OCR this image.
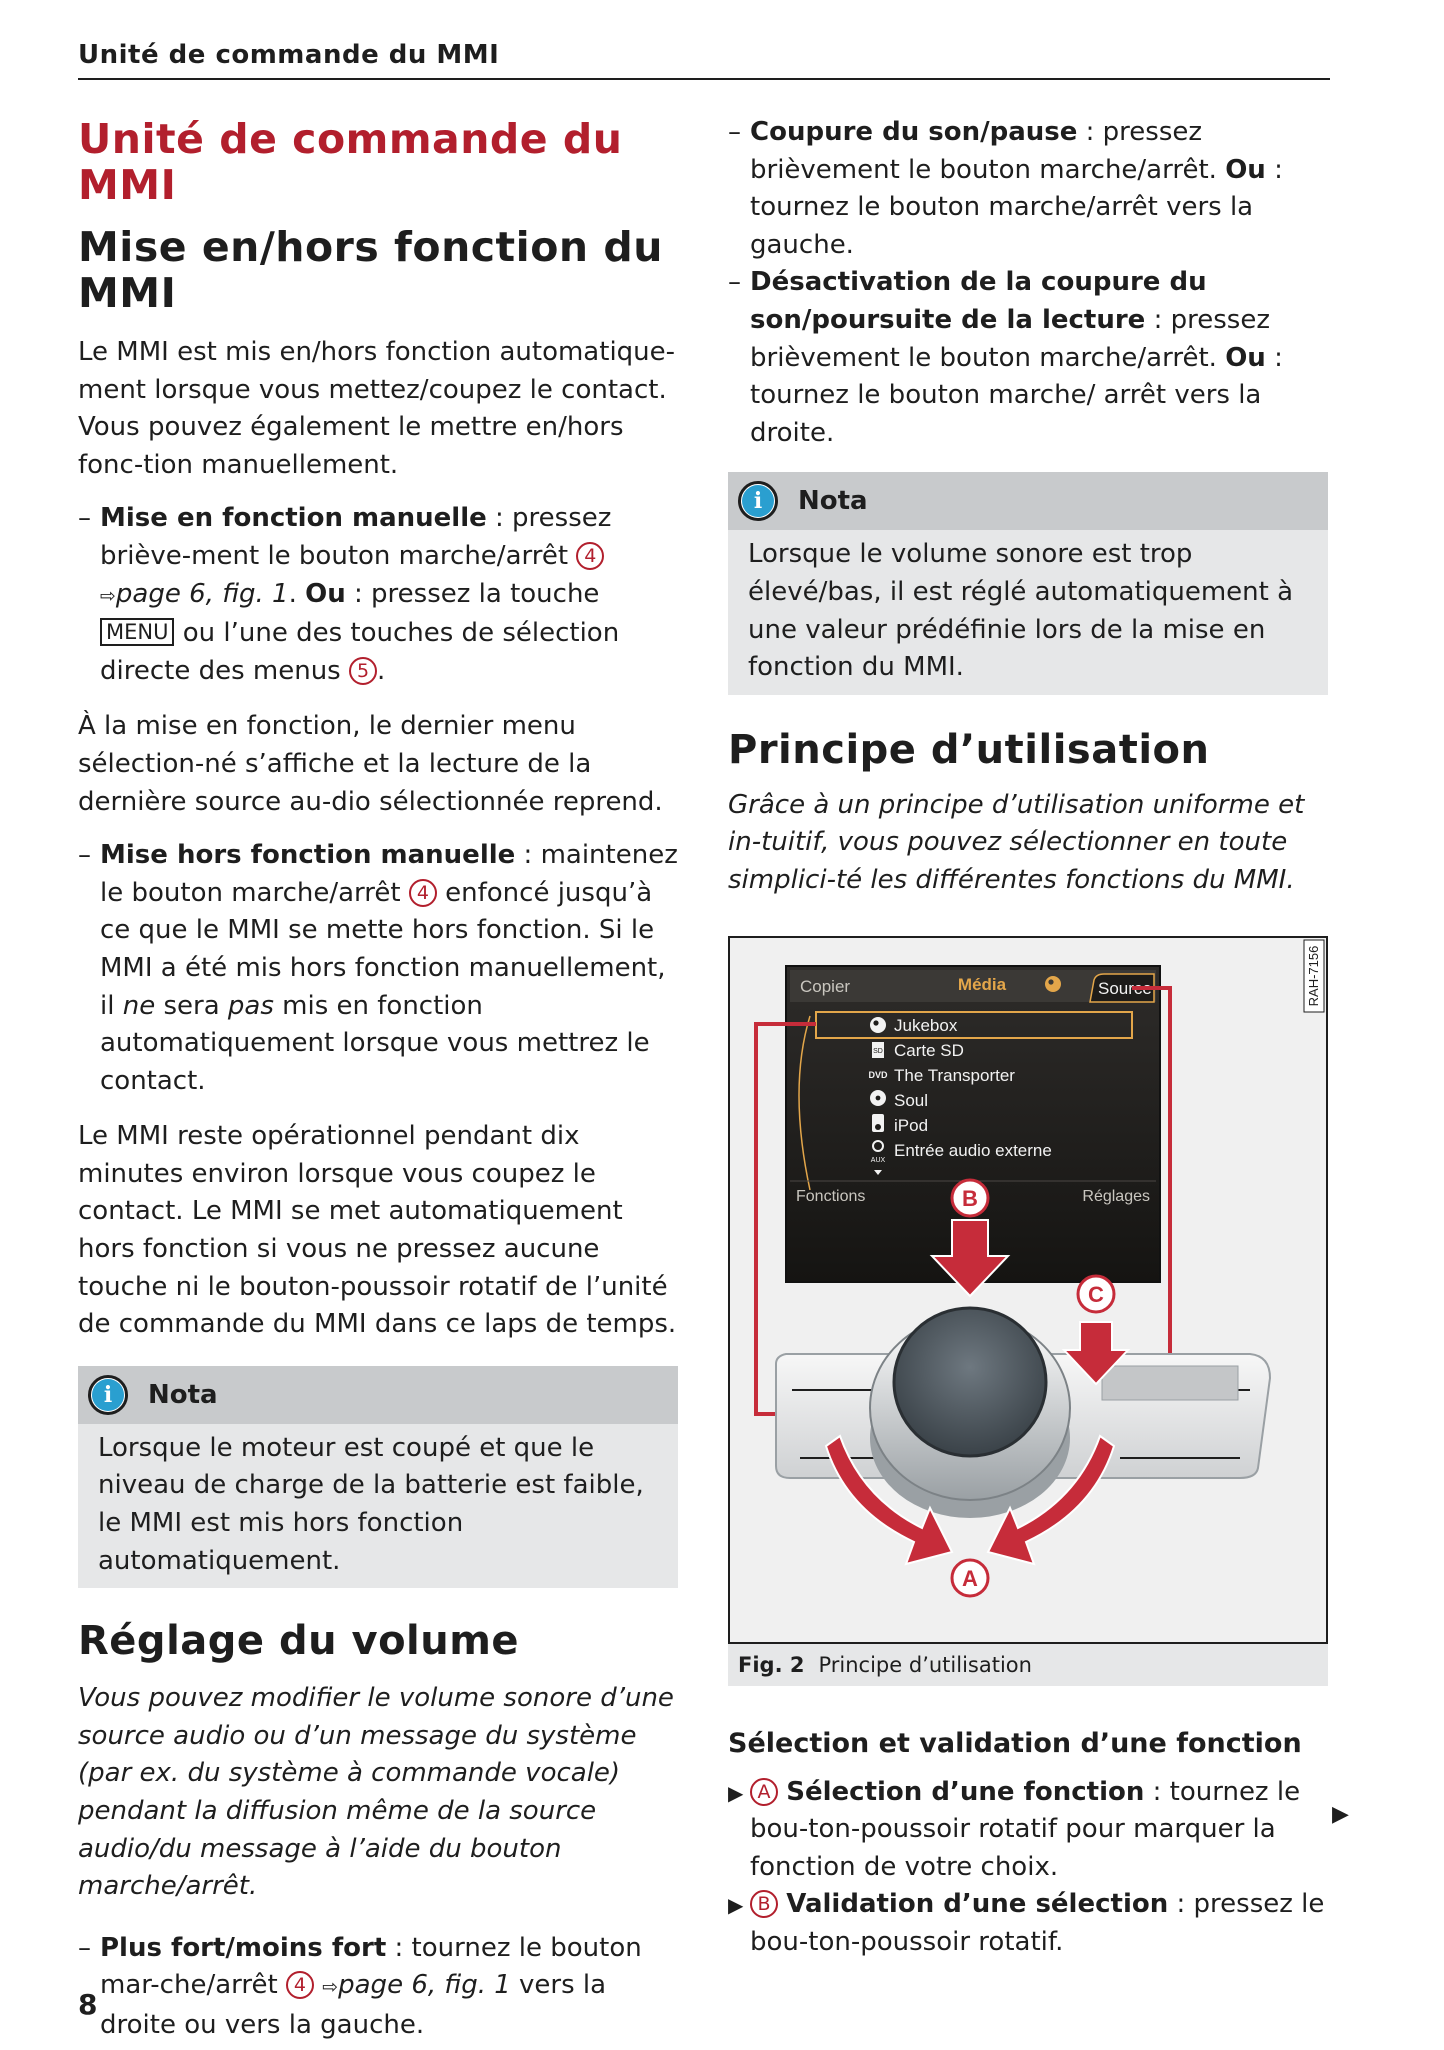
Unité de commande du MMI
Unité de commande du MMI
Mise en/hors fonction du MMI

Le MMI est mis en/hors fonction automatique-ment lorsque vous mettez/coupez le contact. Vous pouvez également le mettre en/hors fonc-tion manuellement.

– Mise en fonction manuelle : pressez briève-ment le bouton marche/arrêt 4 ⇨page 6, fig. 1. Ou : pressez la touche MENU ou l’une des touches de sélection directe des menus 5 .

À la mise en fonction, le dernier menu sélection-né s’affiche et la lecture de la dernière source au-dio sélectionnée reprend.

– Mise hors fonction manuelle : maintenez le bouton marche/arrêt 4 enfoncé jusqu’à ce que le MMI se mette hors fonction. Si le MMI a été mis hors fonction manuellement, il ne sera pas mis en fonction automatiquement lorsque vous mettrez le contact.

Le MMI reste opérationnel pendant dix minutes environ lorsque vous coupez le contact. Le MMI se met automatiquement hors fonction si vous ne pressez aucune touche ni le bouton-poussoir rotatif de l’unité de commande du MMI dans ce laps de temps.

i	Nota
Lorsque le moteur est coupé et que le niveau de charge de la batterie est faible, le MMI est mis hors fonction automatiquement.
Réglage du volume

Vous pouvez modifier le volume sonore d’une source audio ou d’un message du système (par ex. du système à commande vocale) pendant la diffusion même de la source audio/du message à l’aide du bouton marche/arrêt.

– Plus fort/moins fort : tournez le bouton mar-che/arrêt 4 ⇨page 6, fig. 1 vers la droite ou vers la gauche.
– Coupure du son/pause : pressez brièvement le bouton marche/arrêt. Ou : tournez le bouton marche/arrêt vers la gauche.
– Désactivation de la coupure du son/poursuite de la lecture : pressez brièvement le bouton marche/arrêt. Ou : tournez le bouton marche/ arrêt vers la droite.
i	Nota
Lorsque le volume sonore est trop élevé/bas, il est réglé automatiquement à une valeur prédéfinie lors de la mise en fonction du MMI.
Principe d’utilisation

Grâce à un principe d’utilisation uniforme et in-tuitif, vous pouvez sélectionner en toute simplici-té les différentes fonctions du MMI.

RAH-7156
Copier	Média	Source
Jukebox
SD Carte SD
DVD The Transporter
Soul
iPod
AUX
Entrée audio externe
Fonctions	Réglages
B
C
A
Fig. 2 Principe d’utilisation
Sélection et validation d’une fonction
▶ A Sélection d’une fonction : tournez le bou-ton-poussoir rotatif pour marquer la fonction de votre choix.
▶ B Validation d’une sélection : pressez le bou-ton-poussoir rotatif.
▶
8
